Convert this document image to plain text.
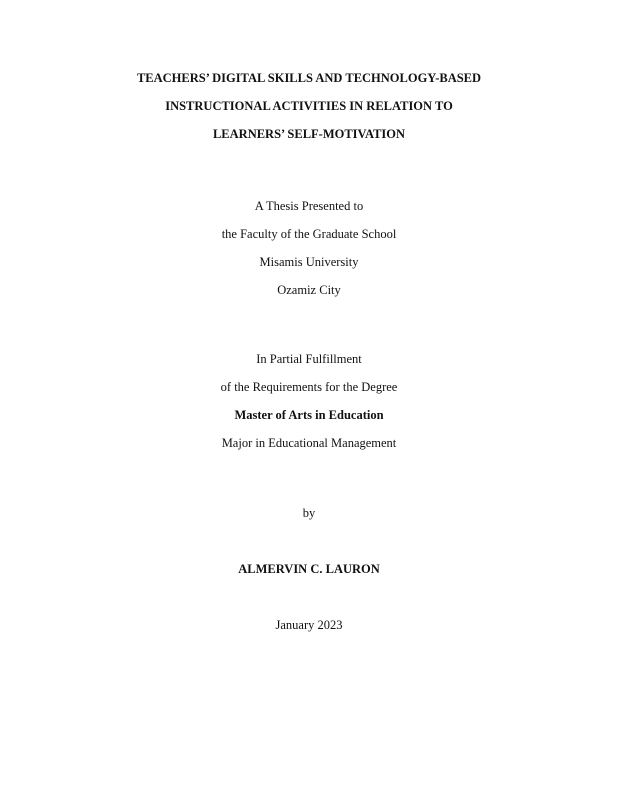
TEACHERS’ DIGITAL SKILLS AND TECHNOLOGY-BASED
INSTRUCTIONAL ACTIVITIES IN RELATION TO
LEARNERS’ SELF-MOTIVATION
A Thesis Presented to
the Faculty of the Graduate School
Misamis University
Ozamiz City
In Partial Fulfillment
of the Requirements for the Degree
Master of Arts in Education
Major in Educational Management
by
ALMERVIN C. LAURON
January 2023
